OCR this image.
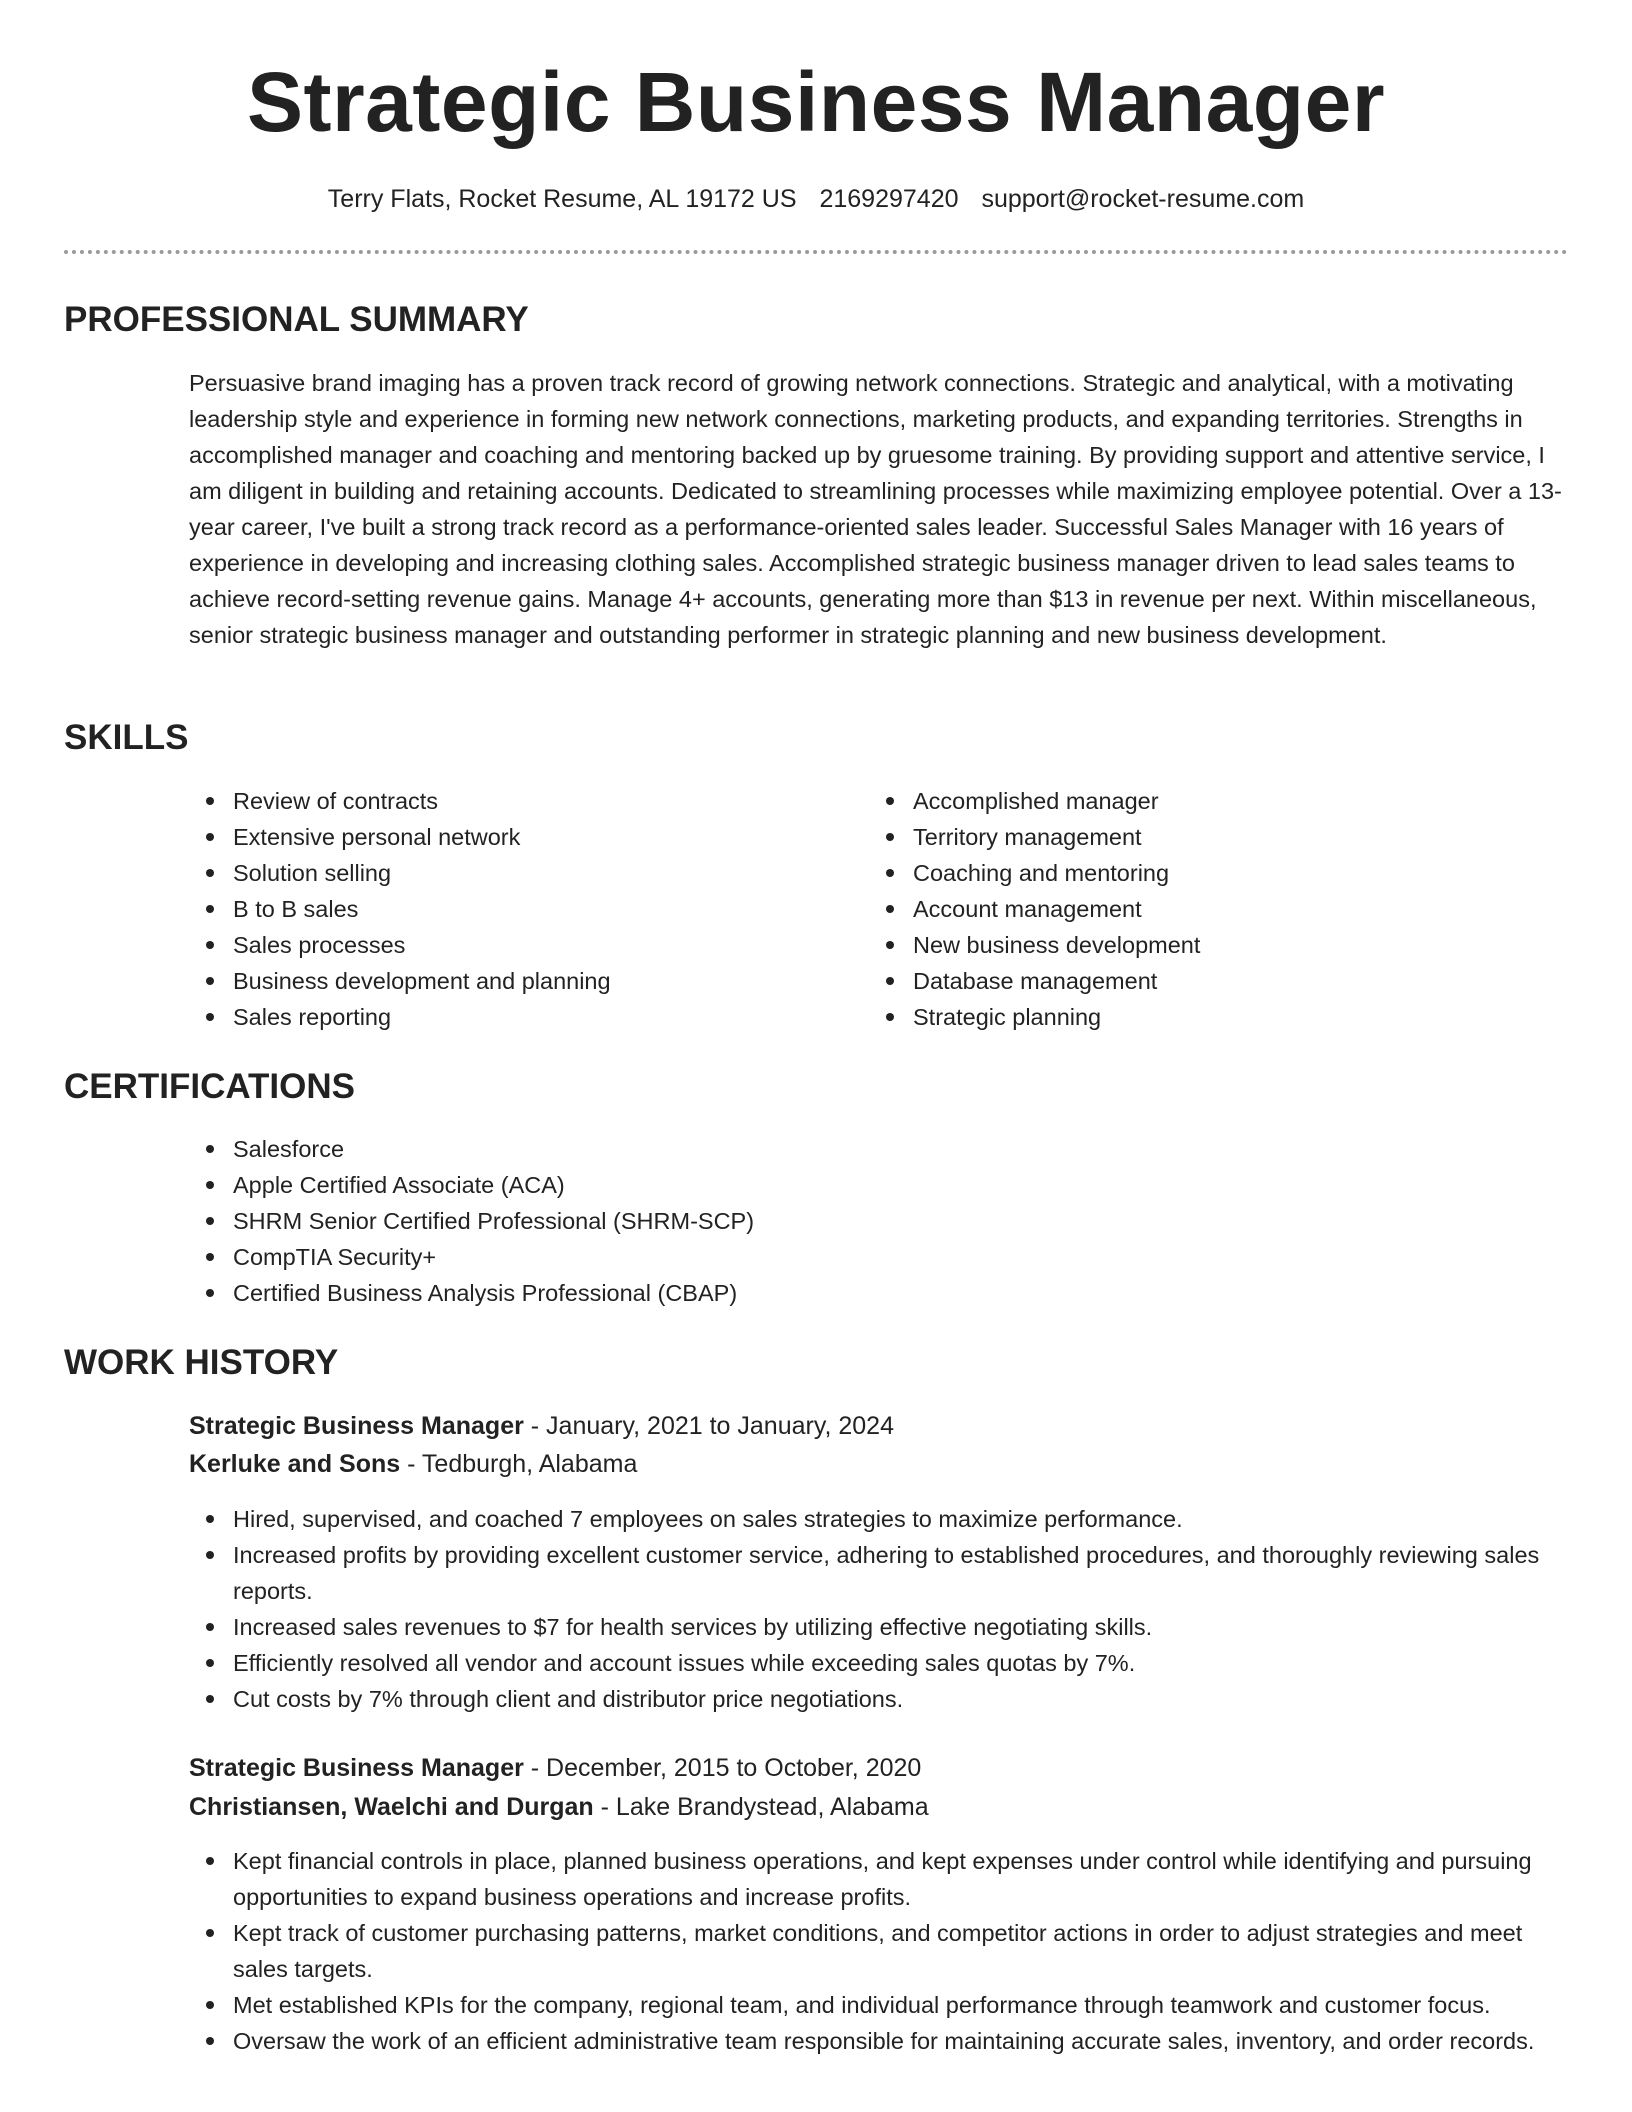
Strategic Business Manager
Terry Flats, Rocket Resume, AL 19172 US 2169297420 support@rocket-resume.com
PROFESSIONAL SUMMARY

Persuasive brand imaging has a proven track record of growing network connections. Strategic and analytical, with a motivating leadership style and experience in forming new network connections, marketing products, and expanding territories. Strengths in accomplished manager and coaching and mentoring backed up by gruesome training. By providing support and attentive service, I am diligent in building and retaining accounts. Dedicated to streamlining processes while maximizing employee potential. Over a 13-year career, I've built a strong track record as a performance-oriented sales leader. Successful Sales Manager with 16 years of experience in developing and increasing clothing sales. Accomplished strategic business manager driven to lead sales teams to achieve record-setting revenue gains. Manage 4+ accounts, generating more than $13 in revenue per next. Within miscellaneous, senior strategic business manager and outstanding performer in strategic planning and new business development.

SKILLS
Review of contracts
Extensive personal network
Solution selling
B to B sales
Sales processes
Business development and planning
Sales reporting
Accomplished manager
Territory management
Coaching and mentoring
Account management
New business development
Database management
Strategic planning
CERTIFICATIONS
Salesforce
Apple Certified Associate (ACA)
SHRM Senior Certified Professional (SHRM-SCP)
CompTIA Security+
Certified Business Analysis Professional (CBAP)
WORK HISTORY
Strategic Business Manager - January, 2021 to January, 2024
Kerluke and Sons - Tedburgh, Alabama
Hired, supervised, and coached 7 employees on sales strategies to maximize performance.
Increased profits by providing excellent customer service, adhering to established procedures, and thoroughly reviewing sales reports.
Increased sales revenues to $7 for health services by utilizing effective negotiating skills.
Efficiently resolved all vendor and account issues while exceeding sales quotas by 7%.
Cut costs by 7% through client and distributor price negotiations.
Strategic Business Manager - December, 2015 to October, 2020
Christiansen, Waelchi and Durgan - Lake Brandystead, Alabama
Kept financial controls in place, planned business operations, and kept expenses under control while identifying and pursuing opportunities to expand business operations and increase profits.
Kept track of customer purchasing patterns, market conditions, and competitor actions in order to adjust strategies and meet sales targets.
Met established KPIs for the company, regional team, and individual performance through teamwork and customer focus.
Oversaw the work of an efficient administrative team responsible for maintaining accurate sales, inventory, and order records.
